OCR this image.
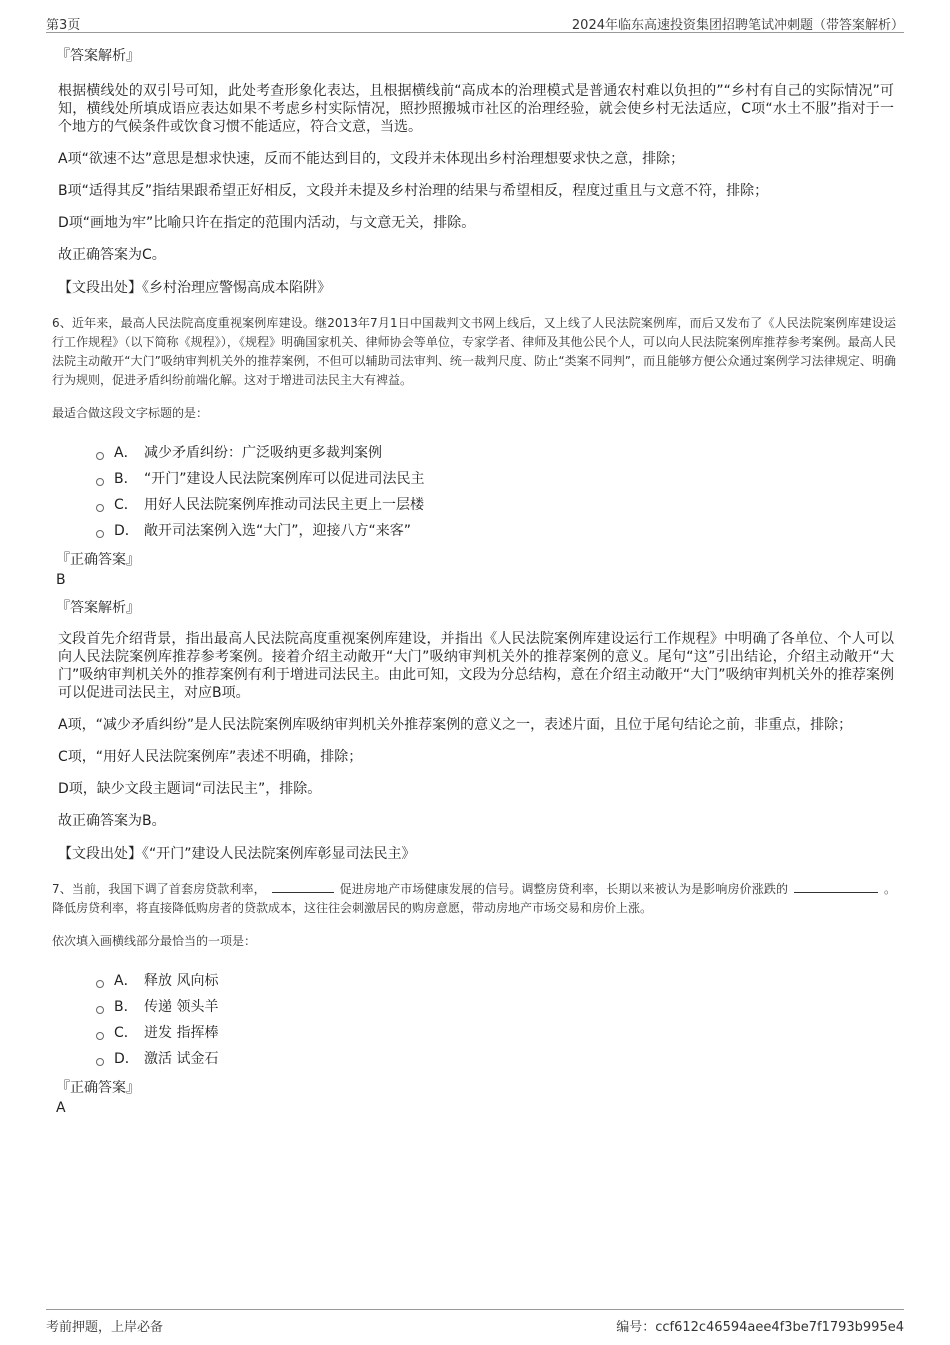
第3页	2024年临东高速投资集团招聘笔试冲刺题（带答案解析）
『答案解析』

根据横线处的双引号可知，此处考查形象化表达，且根据横线前“高成本的治理模式是普通农村难以负担的”“乡村有自己的实际情况”可知，横线处所填成语应表达如果不考虑乡村实际情况，照抄照搬城市社区的治理经验，就会使乡村无法适应，C项“水土不服”指对于一个地方的气候条件或饮食习惯不能适应，符合文意，当选。

A项“欲速不达”意思是想求快速，反而不能达到目的，文段并未体现出乡村治理想要求快之意，排除；

B项“适得其反”指结果跟希望正好相反，文段并未提及乡村治理的结果与希望相反，程度过重且与文意不符，排除；

D项“画地为牢”比喻只许在指定的范围内活动，与文意无关，排除。

故正确答案为C。

【文段出处】《乡村治理应警惕高成本陷阱》
6、近年来，最高人民法院高度重视案例库建设。继2013年7月1日中国裁判文书网上线后，又上线了人民法院案例库，而后又发布了《人民法院案例库建设运行工作规程》（以下简称《规程》），《规程》明确国家机关、律师协会等单位，专家学者、律师及其他公民个人，可以向人民法院案例库推荐参考案例。最高人民法院主动敞开“大门”吸纳审判机关外的推荐案例，不但可以辅助司法审判、统一裁判尺度、防止“类案不同判”，而且能够方便公众通过案例学习法律规定、明确行为规则，促进矛盾纠纷前端化解。这对于增进司法民主大有裨益。
最适合做这段文字标题的是：
A． 减少矛盾纠纷：广泛吸纳更多裁判案例
B． “开门”建设人民法院案例库可以促进司法民主
C． 用好人民法院案例库推动司法民主更上一层楼
D． 敞开司法案例入选“大门”，迎接八方“来客”
『正确答案』
B
『答案解析』

文段首先介绍背景，指出最高人民法院高度重视案例库建设，并指出《人民法院案例库建设运行工作规程》中明确了各单位、个人可以向人民法院案例库推荐参考案例。接着介绍主动敞开“大门”吸纳审判机关外的推荐案例的意义。尾句“这”引出结论，介绍主动敞开“大门”吸纳审判机关外的推荐案例有利于增进司法民主。由此可知，文段为分总结构，意在介绍主动敞开“大门”吸纳审判机关外的推荐案例可以促进司法民主，对应B项。

A项，“减少矛盾纠纷”是人民法院案例库吸纳审判机关外推荐案例的意义之一，表述片面，且位于尾句结论之前，非重点，排除；

C项，“用好人民法院案例库”表述不明确，排除；

D项，缺少文段主题词“司法民主”，排除。

故正确答案为B。

【文段出处】《“开门”建设人民法院案例库彰显司法民主》
7、当前，我国下调了首套房贷款利率，	促进房地产市场健康发展的信号。调整房贷利率，长期以来被认为是影响房价涨跌的	。降低房贷利率，将直接降低购房者的贷款成本，这往往会刺激居民的购房意愿，带动房地产市场交易和房价上涨。
依次填入画横线部分最恰当的一项是：
A． 释放 风向标
B． 传递 领头羊
C． 迸发 指挥棒
D． 激活 试金石
『正确答案』
A
考前押题，上岸必备	编号：ccf612c46594aee4f3be7f1793b995e4
